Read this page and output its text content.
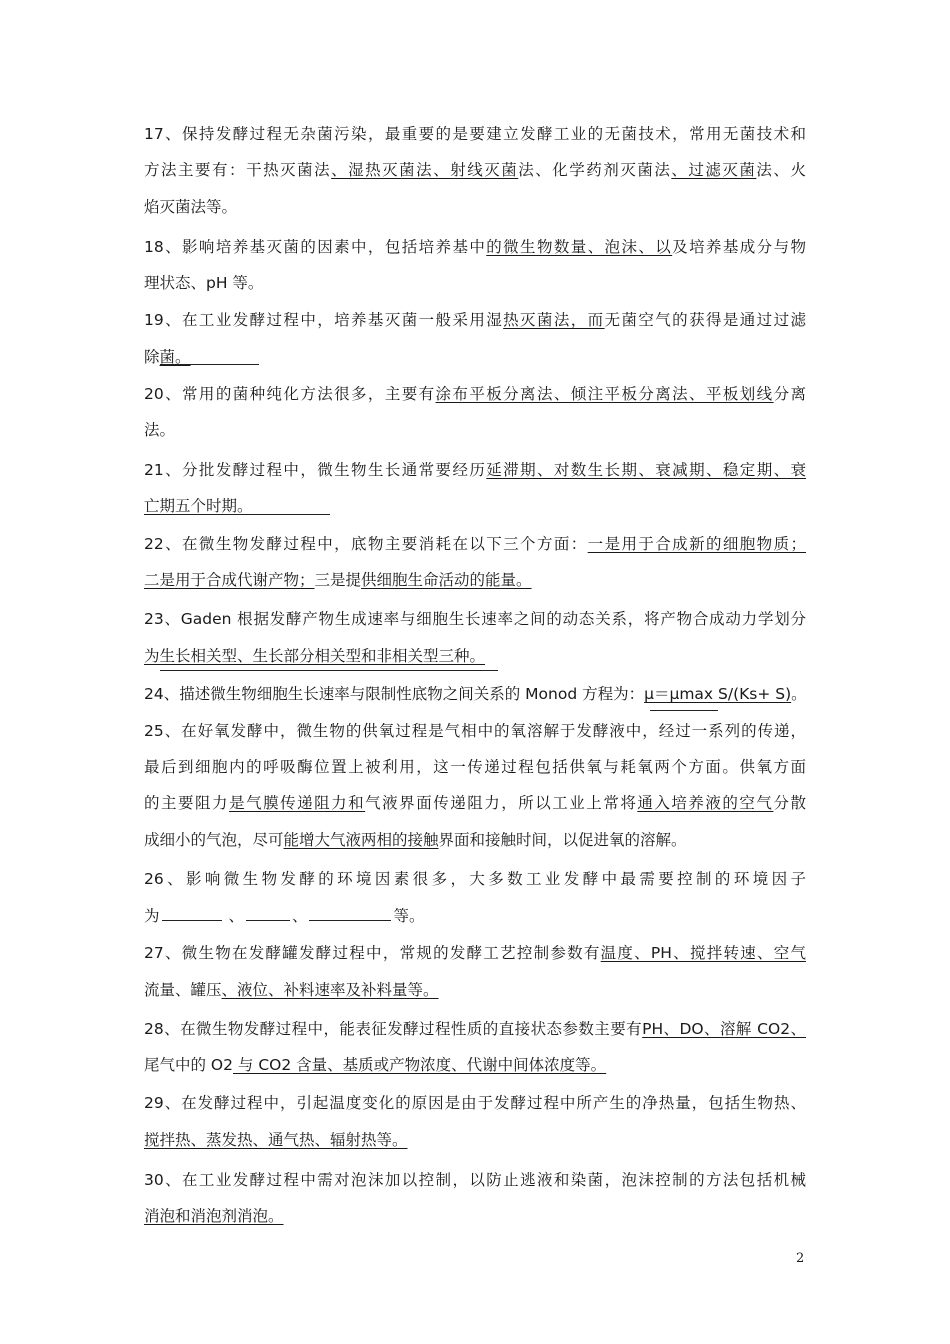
17、保持发酵过程无杂菌污染，最重要的是要建立发酵工业的无菌技术，常用无菌技术和
方法主要有：干热灭菌法、湿热灭菌法、射线灭菌法、化学药剂灭菌法、过滤灭菌法、火
焰灭菌法等。
18、影响培养基灭菌的因素中，包括培养基中的微生物数量、泡沫、以及培养基成分与物
理状态、pH 等。
19、在工业发酵过程中，培养基灭菌一般采用湿热灭菌法，而无菌空气的获得是通过过滤
除菌。
20、常用的菌种纯化方法很多，主要有涂布平板分离法、倾注平板分离法、平板划线分离
法。
21、分批发酵过程中，微生物生长通常要经历延滞期、对数生长期、衰减期、稳定期、衰
亡期五个时期。
22、在微生物发酵过程中，底物主要消耗在以下三个方面：一是用于合成新的细胞物质；
二是用于合成代谢产物；三是提供细胞生命活动的能量。
23、Gaden 根据发酵产物生成速率与细胞生长速率之间的动态关系，将产物合成动力学划分
为生长相关型、生长部分相关型和非相关型三种。
24、描述微生物细胞生长速率与限制性底物之间关系的 Monod 方程为：μ＝μmax S/(Ks+ S)。
25、在好氧发酵中，微生物的供氧过程是气相中的氧溶解于发酵液中，经过一系列的传递，
最后到细胞内的呼吸酶位置上被利用，这一传递过程包括供氧与耗氧两个方面。供氧方面
的主要阻力是气膜传递阻力和气液界面传递阻力，所以工业上常将通入培养液的空气分散
成细小的气泡，尽可能增大气液两相的接触界面和接触时间，以促进氧的溶解。
26、影响微生物发酵的环境因素很多，大多数工业发酵中最需要控制的环境因子
为	、	、	等。
27、微生物在发酵罐发酵过程中，常规的发酵工艺控制参数有温度、PH、搅拌转速、空气
流量、罐压、液位、补料速率及补料量等。
28、在微生物发酵过程中，能表征发酵过程性质的直接状态参数主要有PH、DO、溶解 CO2、
尾气中的 O2 与 CO2 含量、基质或产物浓度、代谢中间体浓度等。
29、在发酵过程中，引起温度变化的原因是由于发酵过程中所产生的净热量，包括生物热、
搅拌热、蒸发热、通气热、辐射热等。
30、在工业发酵过程中需对泡沫加以控制，以防止逃液和染菌，泡沫控制的方法包括机械
消泡和消泡剂消泡。
2
